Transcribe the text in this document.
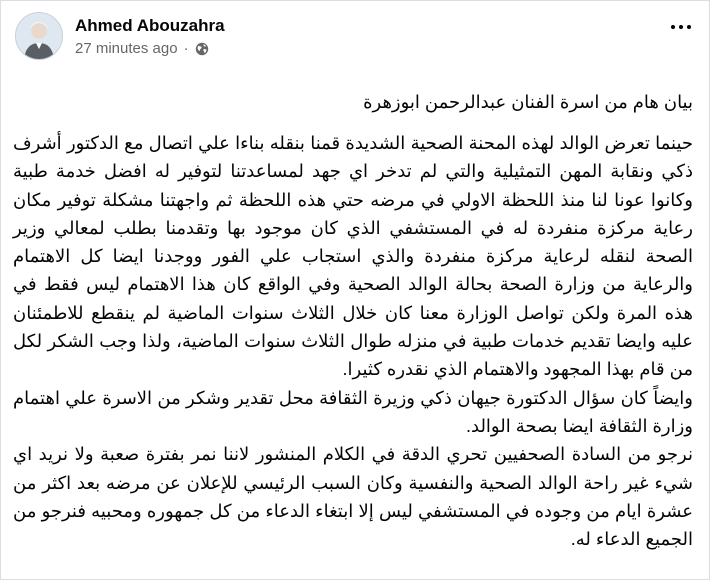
Ahmed Abouzahra
27 minutes ago ·
بيان هام من اسرة الفنان عبدالرحمن ابوزهرة

حينما تعرض الوالد لهذه المحنة الصحية الشديدة قمنا بنقله بناءا علي اتصال مع الدكتور أشرف ذكي ونقابة المهن التمثيلية والتي لم تدخر اي جهد لمساعدتنا لتوفير له افضل خدمة طبية وكانوا عونا لنا منذ اللحظة الاولي في مرضه حتي هذه اللحظة ثم واجهتنا مشكلة توفير مكان رعاية مركزة منفردة له في المستشفي الذي كان موجود بها وتقدمنا بطلب لمعالي وزير الصحة لنقله لرعاية مركزة منفردة والذي استجاب علي الفور ووجدنا ايضا كل الاهتمام والرعاية من وزارة الصحة بحالة الوالد الصحية وفي الواقع كان هذا الاهتمام ليس فقط في هذه المرة ولكن تواصل الوزارة معنا كان خلال الثلاث سنوات الماضية لم ينقطع للاطمئنان عليه وايضا تقديم خدمات طبية في منزله طوال الثلاث سنوات الماضية، ولذا وجب الشكر لكل من قام بهذا المجهود والاهتمام الذي نقدره كثيرا.

وايضاً كان سؤال الدكتورة جيهان ذكي وزيرة الثقافة محل تقدير وشكر من الاسرة علي اهتمام وزارة الثقافة ايضا بصحة الوالد.

نرجو من السادة الصحفيين تحري الدقة في الكلام المنشور لاننا نمر بفترة صعبة ولا نريد اي شيء غير راحة الوالد الصحية والنفسية وكان السبب الرئيسي للإعلان عن مرضه بعد اكثر من عشرة ايام من وجوده في المستشفي ليس إلا ابتغاء الدعاء من كل جمهوره ومحبيه فنرجو من الجميع الدعاء له.
